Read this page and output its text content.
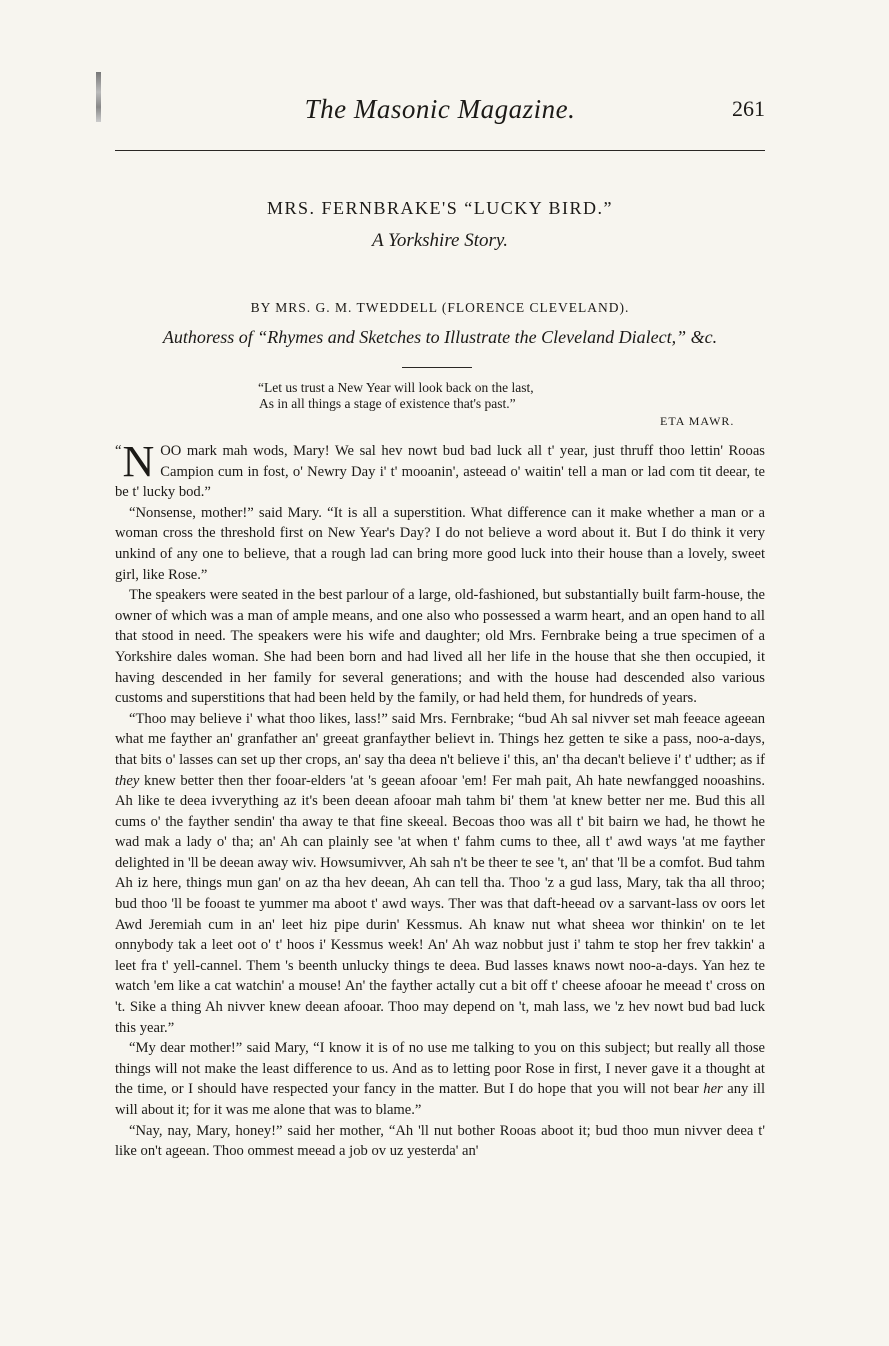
The Masonic Magazine.	261
MRS. FERNBRAKE'S “LUCKY BIRD.”
A Yorkshire Story.
BY MRS. G. M. TWEDDELL (FLORENCE CLEVELAND).
Authoress of “Rhymes and Sketches to Illustrate the Cleveland Dialect,” &c.
“Let us trust a New Year will look back on the last,
As in all things a stage of existence that's past.”
ETA MAWR.

“ N OO mark mah wods, Mary! We sal hev nowt bud bad luck all t' year, just thruff thoo lettin' Rooas Campion cum in fost, o' Newry Day i' t' mooanin', asteead o' waitin' tell a man or lad com tit deear, te be t' lucky bod.”

“Nonsense, mother!” said Mary. “It is all a superstition. What difference can it make whether a man or a woman cross the threshold first on New Year's Day? I do not believe a word about it. But I do think it very unkind of any one to believe, that a rough lad can bring more good luck into their house than a lovely, sweet girl, like Rose.”

The speakers were seated in the best parlour of a large, old-fashioned, but substantially built farm-house, the owner of which was a man of ample means, and one also who possessed a warm heart, and an open hand to all that stood in need. The speakers were his wife and daughter; old Mrs. Fernbrake being a true specimen of a Yorkshire dales woman. She had been born and had lived all her life in the house that she then occupied, it having descended in her family for several generations; and with the house had descended also various customs and superstitions that had been held by the family, or had held them, for hundreds of years.

“Thoo may believe i' what thoo likes, lass!” said Mrs. Fernbrake; “bud Ah sal nivver set mah feeace ageean what me fayther an' granfather an' greeat granfayther believt in. Things hez getten te sike a pass, noo-a-days, that bits o' lasses can set up ther crops, an' say tha deea n't believe i' this, an' tha decan't believe i' t' udther; as if they knew better then ther fooar-elders 'at 's geean afooar 'em! Fer mah pait, Ah hate newfangged nooashins. Ah like te deea ivverything az it's been deean afooar mah tahm bi' them 'at knew better ner me. Bud this all cums o' the fayther sendin' tha away te that fine skeeal. Becoas thoo was all t' bit bairn we had, he thowt he wad mak a lady o' tha; an' Ah can plainly see 'at when t' fahm cums to thee, all t' awd ways 'at me fayther delighted in 'll be deean away wiv. Howsumivver, Ah sah n't be theer te see 't, an' that 'll be a comfot. Bud tahm Ah iz here, things mun gan' on az tha hev deean, Ah can tell tha. Thoo 'z a gud lass, Mary, tak tha all throo; bud thoo 'll be fooast te yummer ma aboot t' awd ways. Ther was that daft-heead ov a sarvant-lass ov oors let Awd Jeremiah cum in an' leet hiz pipe durin' Kessmus. Ah knaw nut what sheea wor thinkin' on te let onnybody tak a leet oot o' t' hoos i' Kessmus week! An' Ah waz nobbut just i' tahm te stop her frev takkin' a leet fra t' yell-cannel. Them 's beenth unlucky things te deea. Bud lasses knaws nowt noo-a-days. Yan hez te watch 'em like a cat watchin' a mouse! An' the fayther actally cut a bit off t' cheese afooar he meead t' cross on 't. Sike a thing Ah nivver knew deean afooar. Thoo may depend on 't, mah lass, we 'z hev nowt bud bad luck this year.”

“My dear mother!” said Mary, “I know it is of no use me talking to you on this subject; but really all those things will not make the least difference to us. And as to letting poor Rose in first, I never gave it a thought at the time, or I should have respected your fancy in the matter. But I do hope that you will not bear her any ill will about it; for it was me alone that was to blame.”

“Nay, nay, Mary, honey!” said her mother, “Ah 'll nut bother Rooas aboot it; bud thoo mun nivver deea t' like on't ageean. Thoo ommest meead a job ov uz yesterda' an'
